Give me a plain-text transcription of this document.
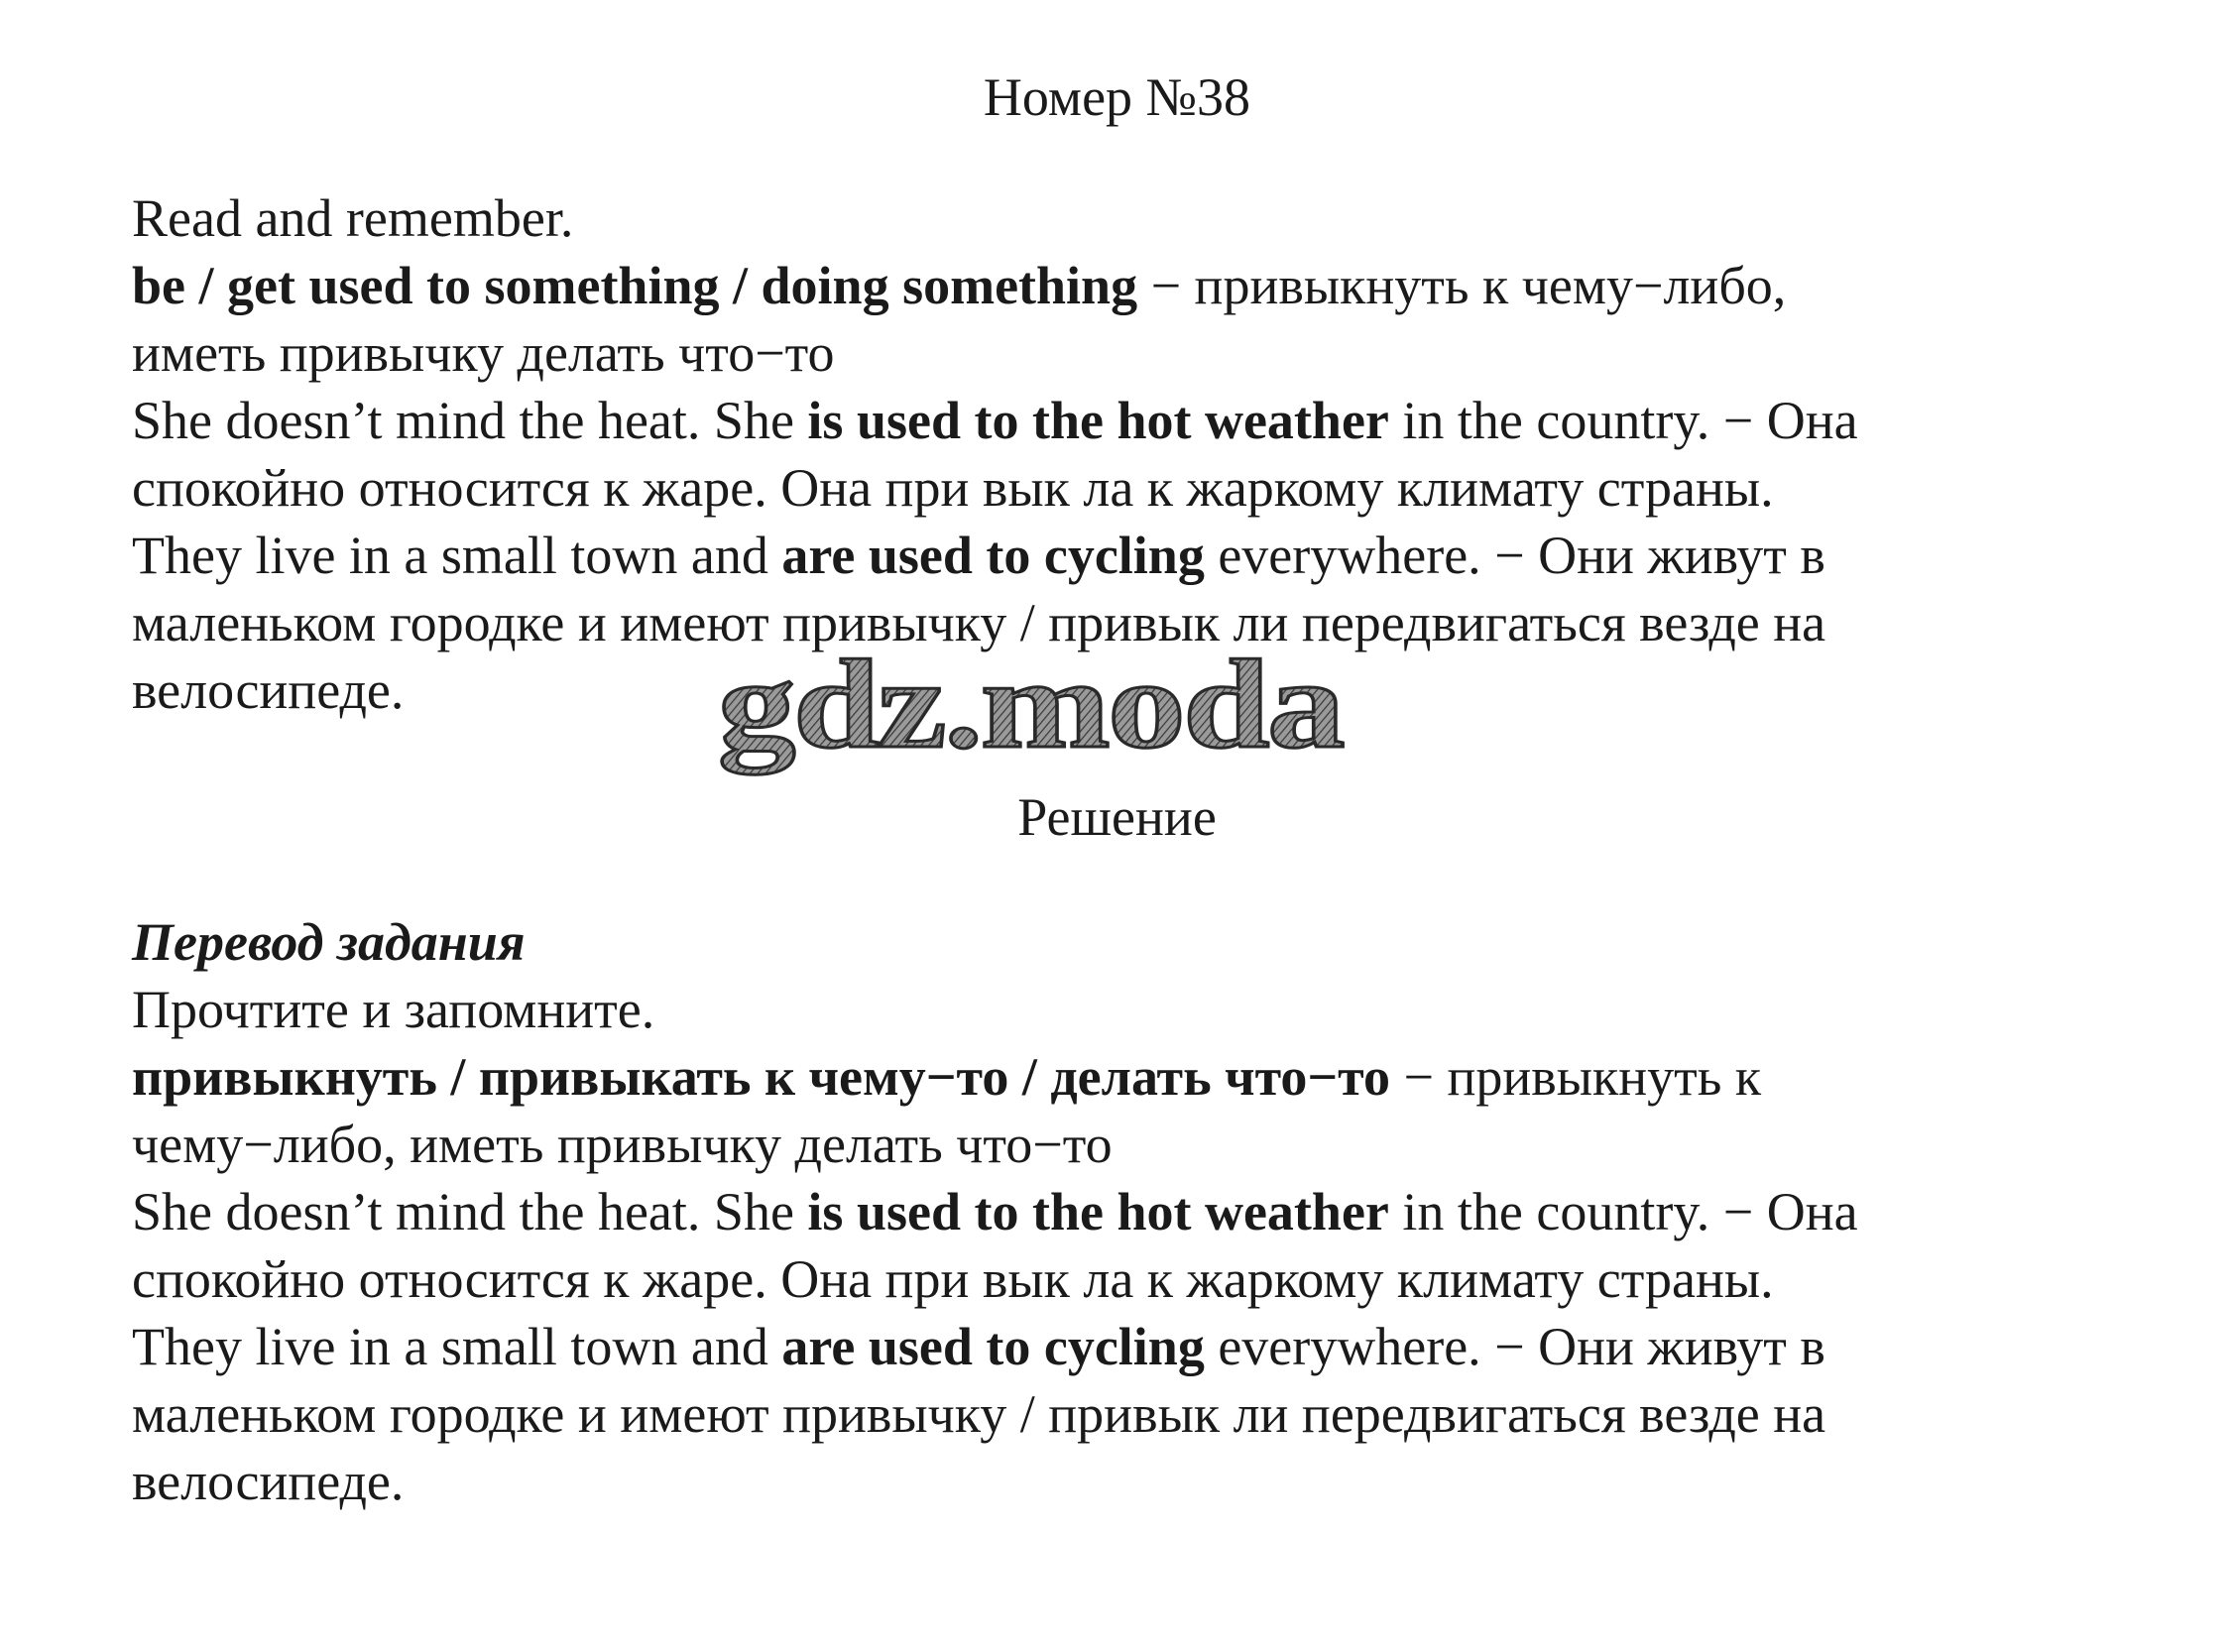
Номер №38

Read and remember.

be / get used to something / doing something − привыкнуть к чему−либо,

иметь привычку делать что−то

She doesn’t mind the heat. She is used to the hot weather in the country. − Она

спокойно относится к жаре. Она при вык ла к жаркому климату страны.

They live in a small town and are used to cycling everywhere. − Они живут в

маленьком городке и имеют привычку / привык ли передвигаться везде на

велосипеде.	gdz.moda
Решение

Перевод задания

Прочтите и запомните.

привыкнуть / привыкать к чему−то / делать что−то − привыкнуть к

чему−либо, иметь привычку делать что−то

She doesn’t mind the heat. She is used to the hot weather in the country. − Она

спокойно относится к жаре. Она при вык ла к жаркому климату страны.

They live in a small town and are used to cycling everywhere. − Они живут в

маленьком городке и имеют привычку / привык ли передвигаться везде на

велосипеде.
